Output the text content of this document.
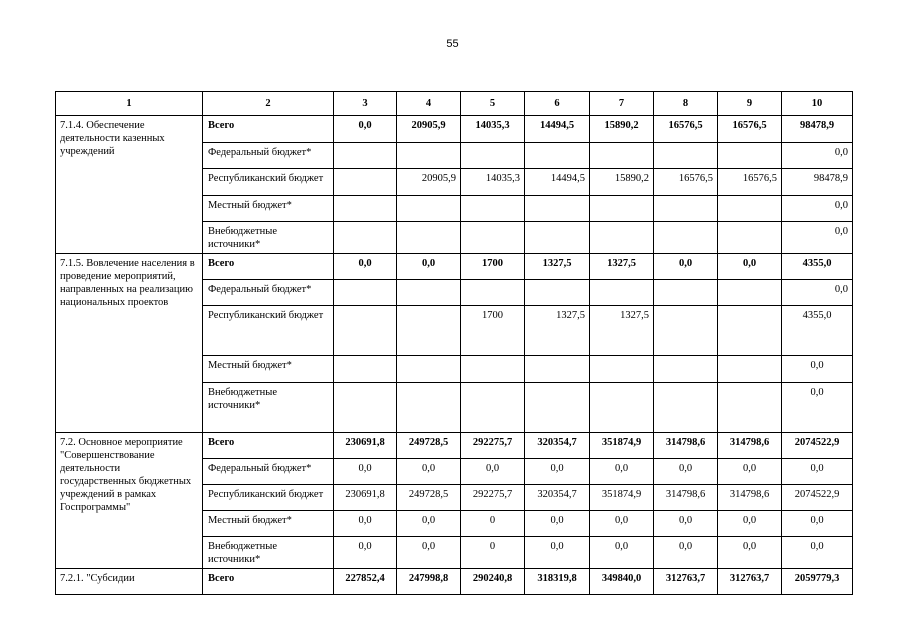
55
1	2	3	4	5	6	7	8	9	10
7.1.4. Обеспечение деятельности казенных учреждений	Всего	0,0	20905,9	14035,3	14494,5	15890,2	16576,5	16576,5	98478,9
	Федеральный бюджет*								0,0
	Республиканский бюджет		20905,9	14035,3	14494,5	15890,2	16576,5	16576,5	98478,9
	Местный бюджет*								0,0
	Внебюджетные источники*								0,0
7.1.5. Вовлечение населения в проведение мероприятий, направленных на реализацию национальных проектов	Всего	0,0	0,0	1700	1327,5	1327,5	0,0	0,0	4355,0
	Федеральный бюджет*								0,0
	Республиканский бюджет			1700	1327,5	1327,5			4355,0
	Местный бюджет*								0,0
	Внебюджетные источники*								0,0
7.2. Основное мероприятие "Совершенствование деятельности государственных бюджетных учреждений в рамках Госпрограммы"	Всего	230691,8	249728,5	292275,7	320354,7	351874,9	314798,6	314798,6	2074522,9
	Федеральный бюджет*	0,0	0,0	0,0	0,0	0,0	0,0	0,0	0,0
	Республиканский бюджет	230691,8	249728,5	292275,7	320354,7	351874,9	314798,6	314798,6	2074522,9
	Местный бюджет*	0,0	0,0	0	0,0	0,0	0,0	0,0	0,0
	Внебюджетные источники*	0,0	0,0	0	0,0	0,0	0,0	0,0	0,0
7.2.1. "Субсидии	Всего	227852,4	247998,8	290240,8	318319,8	349840,0	312763,7	312763,7	2059779,3
